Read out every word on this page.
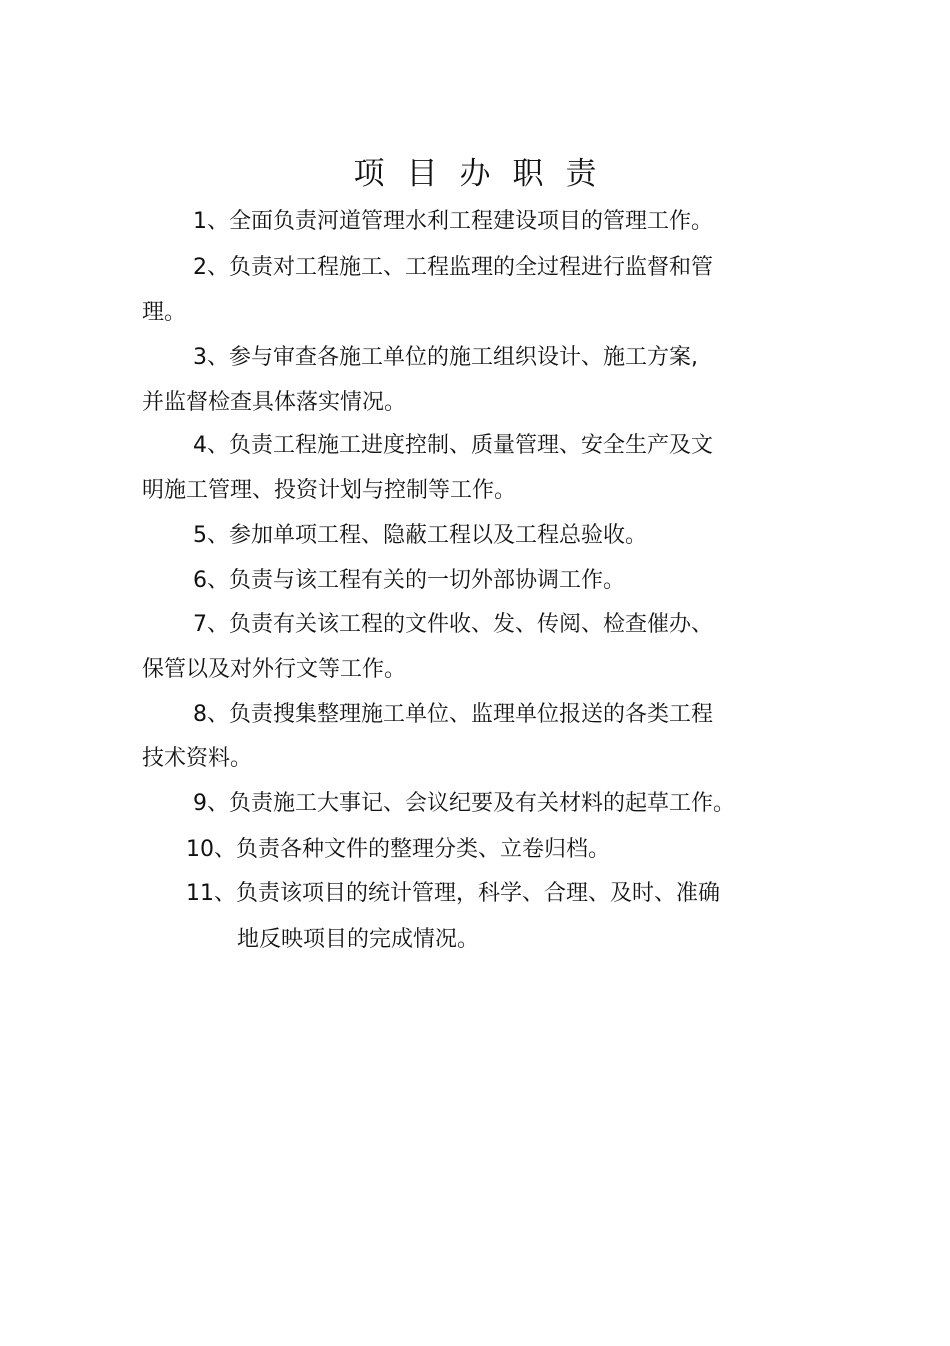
项目办职责
1、全面负责河道管理水利工程建设项目的管理工作。
2、负责对工程施工、工程监理的全过程进行监督和管
理。
3、参与审查各施工单位的施工组织设计、施工方案,
并监督检查具体落实情况。
4、负责工程施工进度控制、质量管理、安全生产及文
明施工管理、投资计划与控制等工作。
5、参加单项工程、隐蔽工程以及工程总验收。
6、负责与该工程有关的一切外部协调工作。
7、负责有关该工程的文件收、发、传阅、检查催办、
保管以及对外行文等工作。
8、负责搜集整理施工单位、监理单位报送的各类工程
技术资料。
9、负责施工大事记、会议纪要及有关材料的起草工作。
10、负责各种文件的整理分类、立卷归档。
11、负责该项目的统计管理，科学、合理、及时、准确
地反映项目的完成情况。
